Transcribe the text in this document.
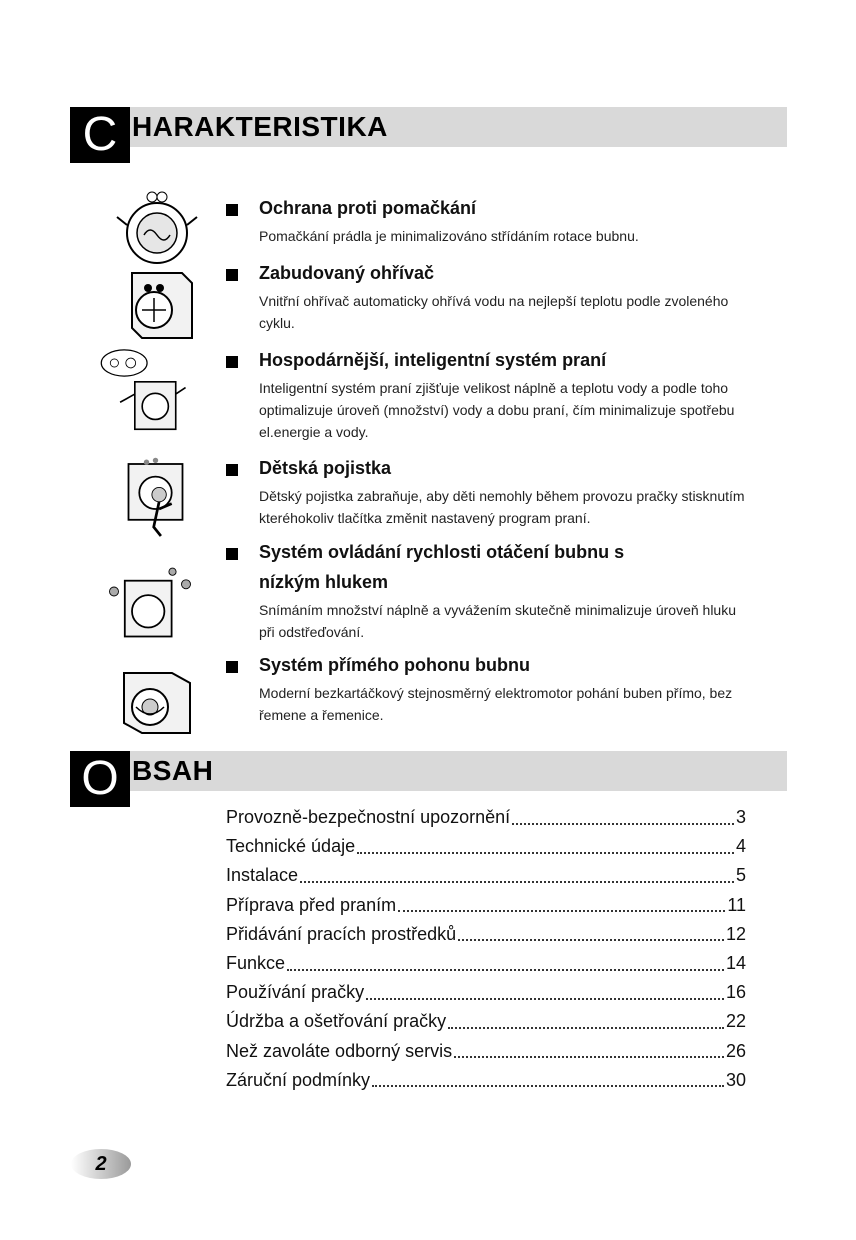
C HARAKTERISTIKA
Ochrana proti pomačkání
Pomačkání prádla je minimalizováno střídáním rotace bubnu.
Zabudovaný ohřívač
Vnitřní ohřívač automaticky ohřívá vodu na nejlepší teplotu podle zvoleného cyklu.
Hospodárnější, inteligentní systém praní
Inteligentní systém praní zjišťuje velikost náplně a teplotu vody a podle toho optimalizuje úroveň (množství) vody a dobu praní, čím minimalizuje spotřebu el.energie a vody.
Dětská pojistka
Dětský pojistka zabraňuje, aby děti nemohly během provozu pračky stisknutím kteréhokoliv tlačítka změnit nastavený program praní.
Systém ovládání rychlosti otáčení bubnu s nízkým hlukem
Snímáním množství náplně a vyvážením skutečně minimalizuje úroveň hluku při odstřeďování.
Systém přímého pohonu bubnu
Moderní bezkartáčkový stejnosměrný elektromotor pohání buben přímo, bez řemene a řemenice.
O BSAH
Provozně-bezpečnostní upozornění	3
Technické údaje	4
Instalace	5
Příprava před praním	11
Přidávání pracích prostředků	12
Funkce	14
Používání pračky	16
Údržba a ošetřování pračky	22
Než zavoláte odborný servis	26
Záruční podmínky	30
2
